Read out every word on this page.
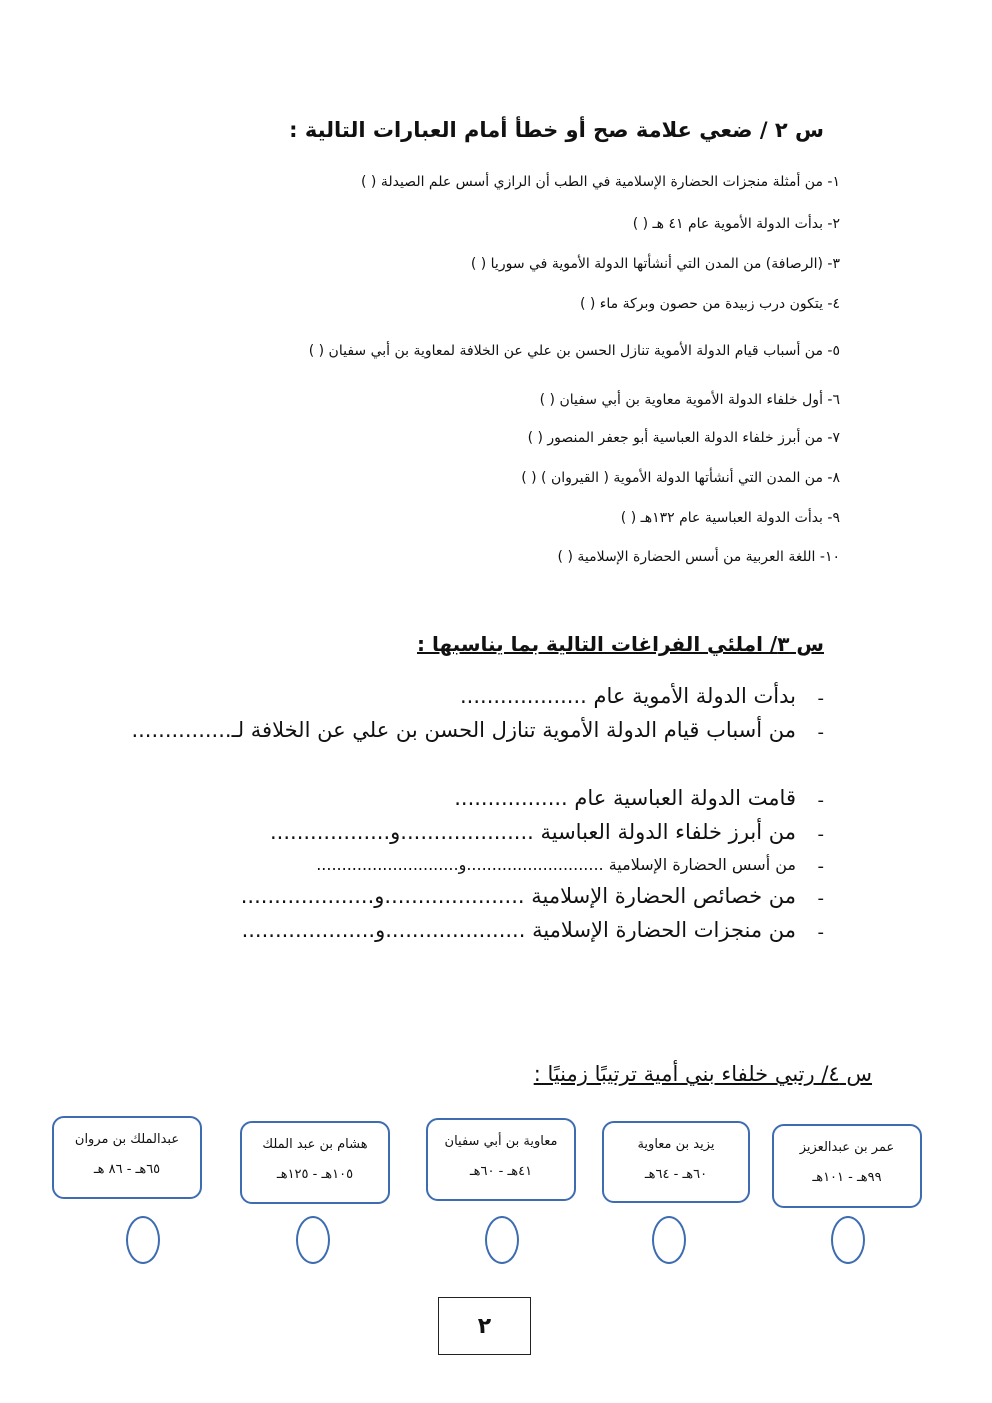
س ٢ / ضعي علامة صح أو خطأ أمام العبارات التالية :
١- من أمثلة منجزات الحضارة الإسلامية في الطب أن الرازي أسس علم الصيدلة ( )
٢- بدأت الدولة الأموية عام ٤١ هـ ( )
٣- (الرصافة) من المدن التي أنشأتها الدولة الأموية في سوريا ( )
٤- يتكون درب زبيدة من حصون وبركة ماء ( )
٥- من أسباب قيام الدولة الأموية تنازل الحسن بن علي عن الخلافة لمعاوية بن أبي سفيان ( )
٦- أول خلفاء الدولة الأموية معاوية بن أبي سفيان ( )
٧- من أبرز خلفاء الدولة العباسية أبو جعفر المنصور ( )
٨- من المدن التي أنشأتها الدولة الأموية ( القيروان ) ( )
٩- بدأت الدولة العباسية عام ١٣٢هـ ( )
١٠- اللغة العربية من أسس الحضارة الإسلامية ( )
س ٣/ املئي الفراغات التالية بما يناسبها :
-
بدأت الدولة الأموية عام ...................
-
من أسباب قيام الدولة الأموية تنازل الحسن بن علي عن الخلافة لـ...............
-
قامت الدولة العباسية عام .................
-
من أبرز خلفاء الدولة العباسية ....................و..................
-
من أسس الحضارة الإسلامية ...........................و............................
-
من خصائص الحضارة الإسلامية .....................و....................
-
من منجزات الحضارة الإسلامية .....................و....................
س ٤/ رتبي خلفاء بني أمية ترتيبًا زمنيًا :
عمر بن عبدالعزيز
٩٩هـ - ١٠١هـ
يزيد بن معاوية
٦٠هـ - ٦٤هـ
معاوية بن أبي سفيان
٤١هـ - ٦٠هـ
هشام بن عبد الملك
١٠٥هـ - ١٢٥هـ
عبدالملك بن مروان
٦٥هـ - ٨٦ هـ
٢
